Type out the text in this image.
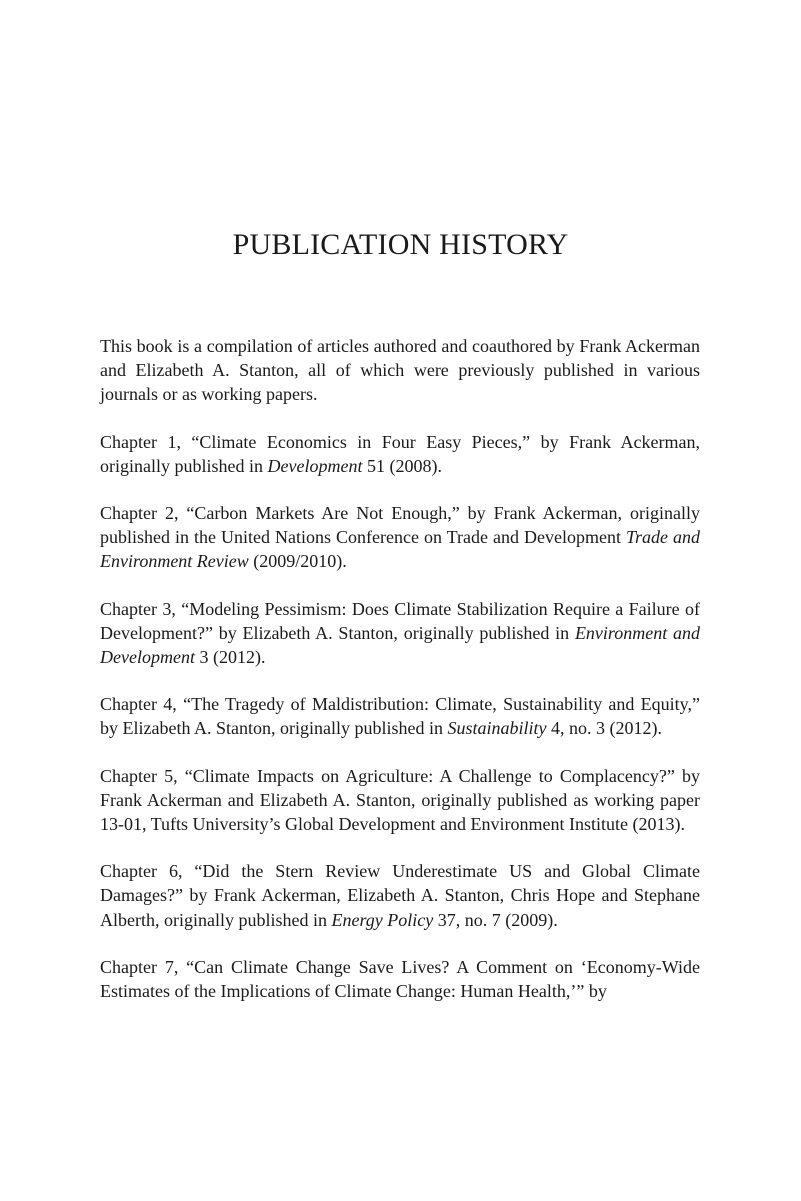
PUBLICATION HISTORY

This book is a compilation of articles authored and coauthored by Frank Ackerman and Elizabeth A. Stanton, all of which were previously published in various journals or as working papers.

Chapter 1, “Climate Economics in Four Easy Pieces,” by Frank Ackerman, originally published in Development 51 (2008).

Chapter 2, “Carbon Markets Are Not Enough,” by Frank Ackerman, originally published in the United Nations Conference on Trade and Development Trade and Environment Review (2009/2010).

Chapter 3, “Modeling Pessimism: Does Climate Stabilization Require a Failure of Development?” by Elizabeth A. Stanton, originally published in Environment and Development 3 (2012).

Chapter 4, “The Tragedy of Maldistribution: Climate, Sustainability and Equity,” by Elizabeth A. Stanton, originally published in Sustainability 4, no. 3 (2012).

Chapter 5, “Climate Impacts on Agriculture: A Challenge to Complacency?” by Frank Ackerman and Elizabeth A. Stanton, originally published as working paper 13-01, Tufts University’s Global Development and Environment Institute (2013).

Chapter 6, “Did the Stern Review Underestimate US and Global Climate Damages?” by Frank Ackerman, Elizabeth A. Stanton, Chris Hope and Stephane Alberth, originally published in Energy Policy 37, no. 7 (2009).

Chapter 7, “Can Climate Change Save Lives? A Comment on ‘Economy-Wide Estimates of the Implications of Climate Change: Human Health,’” by
